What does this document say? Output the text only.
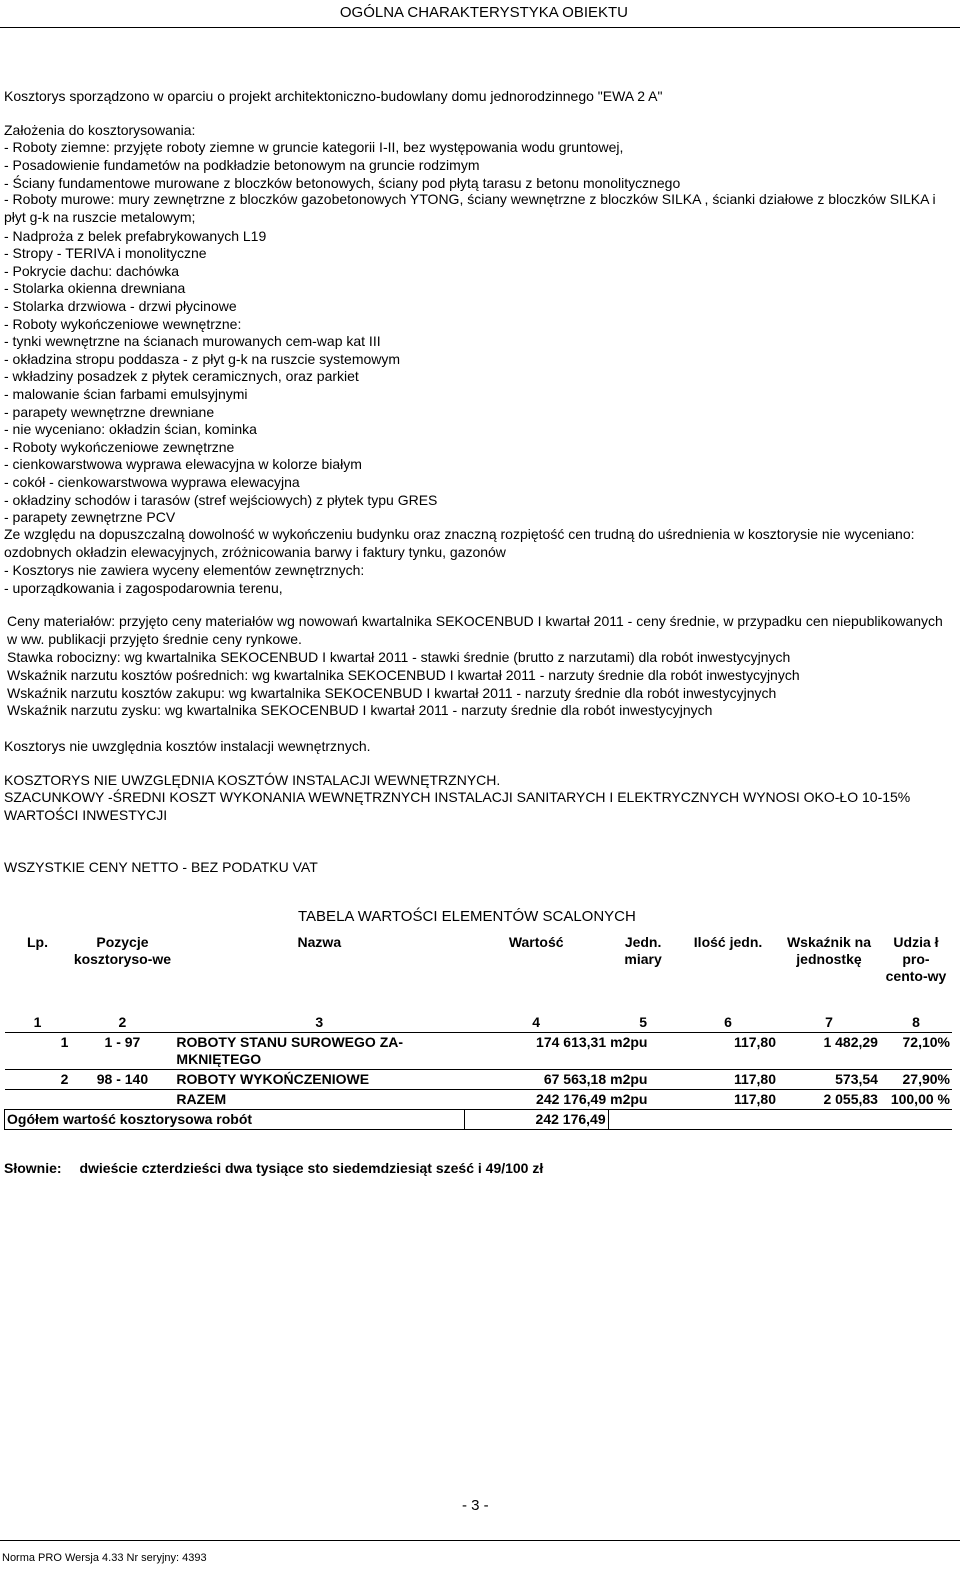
OGÓLNA CHARAKTERYSTYKA OBIEKTU
Kosztorys sporządzono w oparciu o projekt architektoniczno-budowlany domu jednorodzinnego "EWA 2 A"
Założenia do kosztorysowania:
- Roboty ziemne: przyjęte roboty ziemne w gruncie kategorii I-II, bez występowania wodu gruntowej,
- Posadowienie fundametów na podkładzie betonowym na gruncie rodzimym
- Ściany fundamentowe murowane z bloczków betonowych, ściany pod płytą tarasu z betonu monolitycznego
- Roboty murowe: mury zewnętrzne z bloczków gazobetonowych YTONG, ściany wewnętrzne z bloczków SILKA , ścianki działowe z bloczków SILKA i płyt g-k na ruszcie metalowym;
- Nadproża z belek prefabrykowanych L19
- Stropy - TERIVA i monolityczne
- Pokrycie dachu: dachówka
- Stolarka okienna drewniana
- Stolarka drzwiowa - drzwi płycinowe
- Roboty wykończeniowe wewnętrzne:
- tynki wewnętrzne na ścianach murowanych cem-wap kat III
- okładzina stropu poddasza - z płyt g-k na ruszcie systemowym
- wkładziny posadzek z płytek ceramicznych, oraz parkiet
- malowanie ścian farbami emulsyjnymi
- parapety wewnętrzne drewniane
- nie wyceniano: okładzin ścian, kominka
- Roboty wykończeniowe zewnętrzne
- cienkowarstwowa wyprawa elewacyjna w kolorze białym
- cokół - cienkowarstwowa wyprawa elewacyjna
- okładziny schodów i tarasów (stref wejściowych) z płytek typu GRES
- parapety zewnętrzne PCV
Ze względu na dopuszczalną dowolność w wykończeniu budynku oraz znaczną rozpiętość cen trudną do uśrednienia w kosztorysie nie wyceniano: ozdobnych okładzin elewacyjnych, zróżnicowania barwy i faktury tynku, gazonów
- Kosztorys nie zawiera wyceny elementów zewnętrznych:
- uporządkowania i zagospodarownia terenu,
Ceny materiałów: przyjęto ceny materiałów wg nowowań kwartalnika SEKOCENBUD I kwartał 2011 - ceny średnie, w przypadku cen niepublikowanych w ww. publikacji przyjęto średnie ceny rynkowe.
Stawka robocizny: wg kwartalnika SEKOCENBUD I kwartał 2011 - stawki średnie (brutto z narzutami) dla robót inwestycyjnych
Wskaźnik narzutu kosztów pośrednich: wg kwartalnika SEKOCENBUD I kwartał 2011 - narzuty średnie dla robót inwestycyjnych
Wskaźnik narzutu kosztów zakupu: wg kwartalnika SEKOCENBUD I kwartał 2011 - narzuty średnie dla robót inwestycyjnych
Wskaźnik narzutu zysku: wg kwartalnika SEKOCENBUD I kwartał 2011 - narzuty średnie dla robót inwestycyjnych
Kosztorys nie uwzględnia kosztów instalacji wewnętrznych.
KOSZTORYS NIE UWZGLĘDNIA KOSZTÓW INSTALACJI WEWNĘTRZNYCH.
SZACUNKOWY -ŚREDNI KOSZT WYKONANIA WEWNĘTRZNYCH INSTALACJI SANITARYCH I ELEKTRYCZNYCH WYNOSI OKO-ŁO 10-15% WARTOŚCI INWESTYCJI
WSZYSTKIE CENY NETTO - BEZ PODATKU VAT
TABELA WARTOŚCI ELEMENTÓW SCALONYCH
Lp.	Pozycje kosztoryso-we	Nazwa	Wartość	Jedn. miary	Ilość jedn.	Wskaźnik na jednostkę	Udzia ł pro-cento-wy
1	2	3	4	5	6	7	8
1	1 - 97	ROBOTY STANU SUROWEGO ZA-MKNIĘTEGO	174 613,31	m2pu	117,80	1 482,29	72,10%
2	98 - 140	ROBOTY WYKOŃCZENIOWE	67 563,18	m2pu	117,80	573,54	27,90%
		RAZEM	242 176,49	m2pu	117,80	2 055,83	100,00 %
Ogółem wartość kosztorysowa robót			242 176,49				
Słownie: dwieście czterdzieści dwa tysiące sto siedemdziesiąt sześć i 49/100 zł
- 3 -
Norma PRO Wersja 4.33 Nr seryjny: 4393
